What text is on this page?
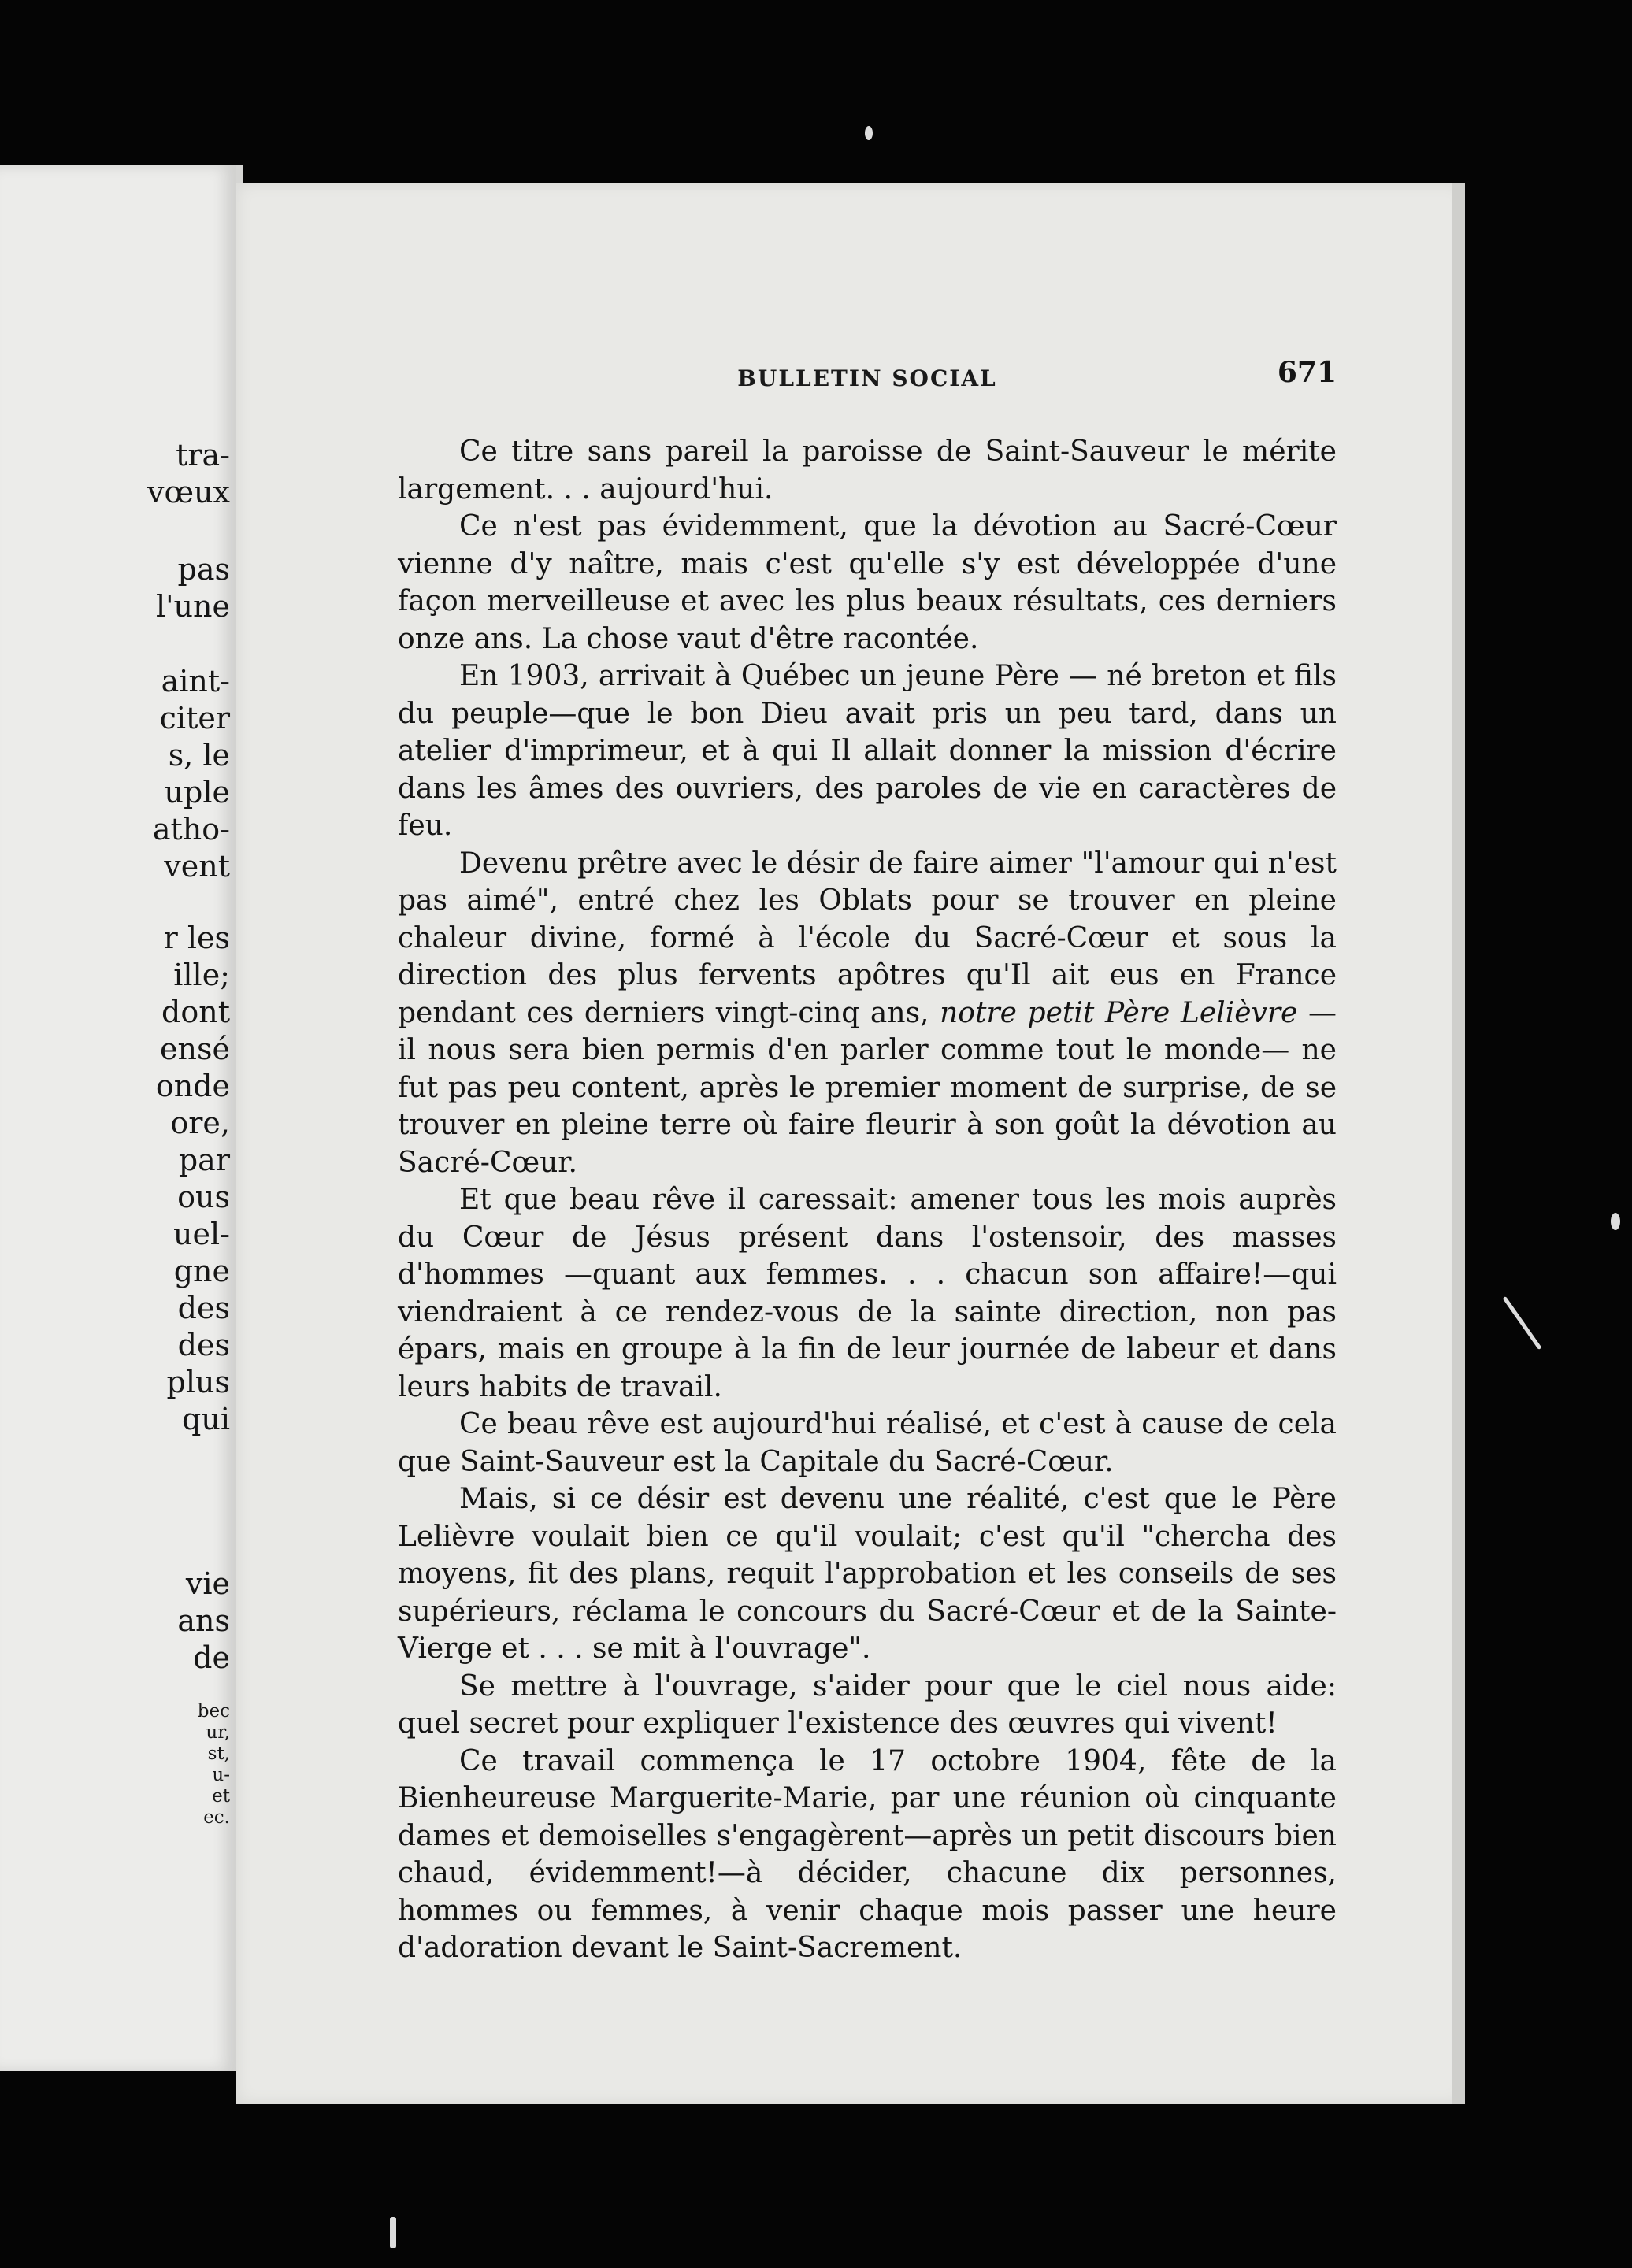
tra-
vœux
pas
l'une
aint-
citer
s, le
uple
atho-
vent
r les
ille;
dont
ensé
onde
ore,
par
ous
uel-
gne
des
des
plus
qui
vie
ans
de
bec
ur,
st,
u-
et
ec.
BULLETIN SOCIAL	671

Ce titre sans pareil la paroisse de Saint-Sauveur le mérite largement. . . aujourd'hui.

Ce n'est pas évidemment, que la dévotion au Sacré-Cœur vienne d'y naître, mais c'est qu'elle s'y est développée d'une façon merveilleuse et avec les plus beaux résultats, ces derniers onze ans. La chose vaut d'être racontée.

En 1903, arrivait à Québec un jeune Père — né breton et fils du peuple—que le bon Dieu avait pris un peu tard, dans un atelier d'imprimeur, et à qui Il allait donner la mission d'écrire dans les âmes des ouvriers, des paroles de vie en caractères de feu.

Devenu prêtre avec le désir de faire aimer "l'amour qui n'est pas aimé", entré chez les Oblats pour se trouver en pleine chaleur divine, formé à l'école du Sacré-Cœur et sous la direction des plus fervents apôtres qu'Il ait eus en France pendant ces derniers vingt-cinq ans, notre petit Père Lelièvre — il nous sera bien permis d'en parler comme tout le monde— ne fut pas peu content, après le premier moment de surprise, de se trouver en pleine terre où faire fleurir à son goût la dévotion au Sacré-Cœur.

Et que beau rêve il caressait: amener tous les mois auprès du Cœur de Jésus présent dans l'ostensoir, des masses d'hommes —quant aux femmes. . . chacun son affaire!—qui viendraient à ce rendez-vous de la sainte direction, non pas épars, mais en groupe à la fin de leur journée de labeur et dans leurs habits de travail.

Ce beau rêve est aujourd'hui réalisé, et c'est à cause de cela que Saint-Sauveur est la Capitale du Sacré-Cœur.

Mais, si ce désir est devenu une réalité, c'est que le Père Lelièvre voulait bien ce qu'il voulait; c'est qu'il "chercha des moyens, fit des plans, requit l'approbation et les conseils de ses supérieurs, réclama le concours du Sacré-Cœur et de la Sainte-Vierge et . . . se mit à l'ouvrage".

Se mettre à l'ouvrage, s'aider pour que le ciel nous aide: quel secret pour expliquer l'existence des œuvres qui vivent!

Ce travail commença le 17 octobre 1904, fête de la Bienheureuse Marguerite-Marie, par une réunion où cinquante dames et demoiselles s'engagèrent—après un petit discours bien chaud, évidemment!—à décider, chacune dix personnes, hommes ou femmes, à venir chaque mois passer une heure d'adoration devant le Saint-Sacrement.
